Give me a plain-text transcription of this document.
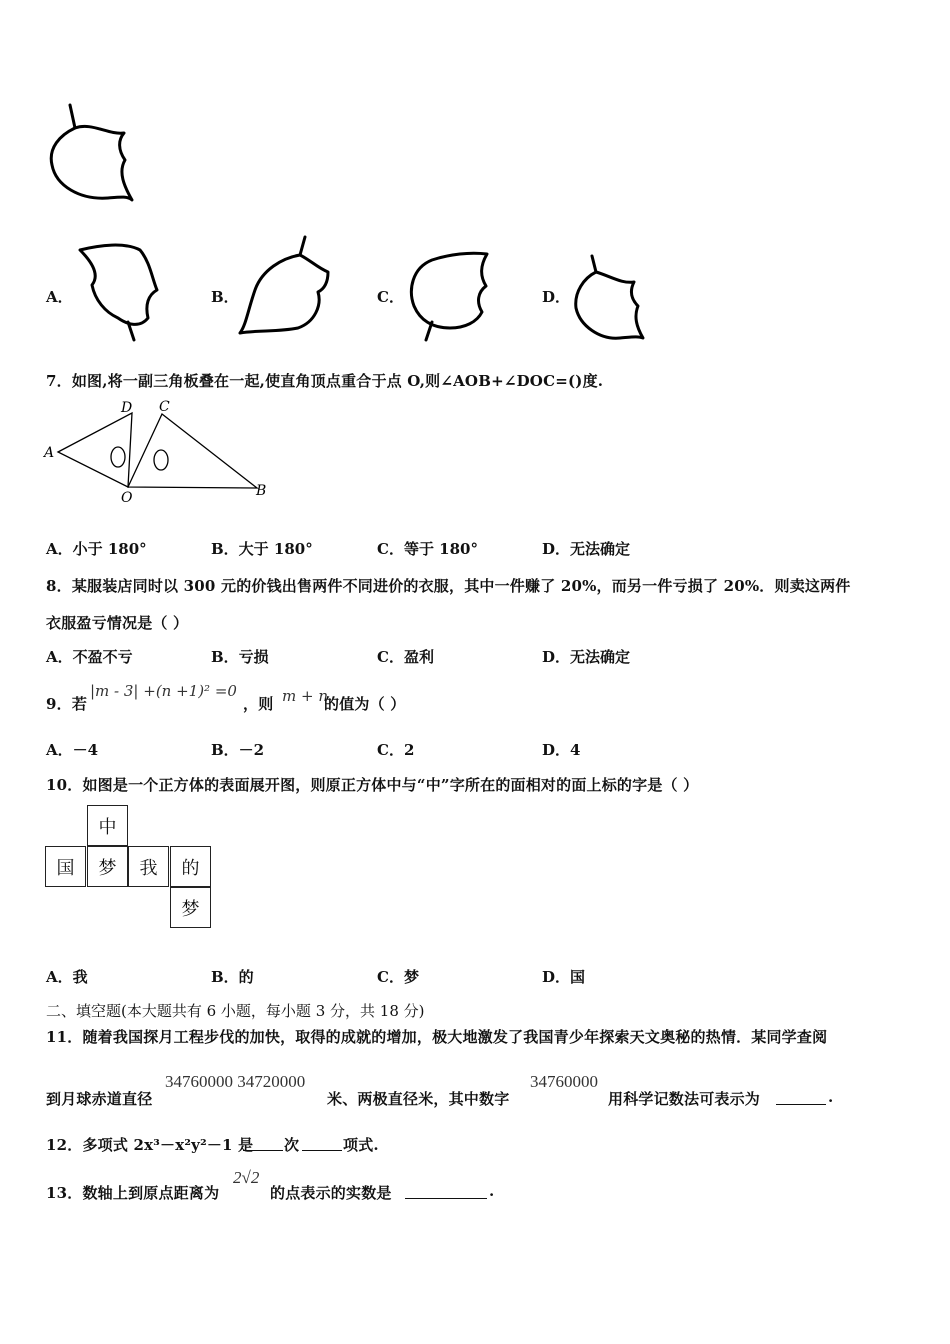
A．	B．	C．	D．
7．如图,将一副三角板叠在一起,使直角顶点重合于点 O,则∠AOB+∠DOC=()度.
A
D C
O	B
A．小于 180°	B．大于 180°	C．等于 180°	D．无法确定
8．某服装店同时以 300 元的价钱出售两件不同进价的衣服，其中一件赚了 20%，而另一件亏损了 20%．则卖这两件
衣服盈亏情况是（ ）
A．不盈不亏	B．亏损	C．盈利	D．无法确定
9．若
|m - 3| +(n +1)² =0
，则 m + n
的值为（ ）
A．－4	B．－2	C．2	D．4
10．如图是一个正方体的表面展开图，则原正方体中与“中”字所在的面相对的面上标的字是（ ）
中
国	梦	我	的
梦
A．我	B．的	C．梦	D．国
二、填空题(本大题共有 6 小题，每小题 3 分，共 18 分)
11．随着我国探月工程步伐的加快，取得的成就的增加，极大地激发了我国青少年探索天文奥秘的热情．某同学查阅
到月球赤道直径
34760000 34720000
米、两极直径米，其中数字
34760000
用科学记数法可表示为	.
12．多项式 2x³－x²y²－1 是 次	项式.
13．数轴上到原点距离为
2√2
的点表示的实数是	.
